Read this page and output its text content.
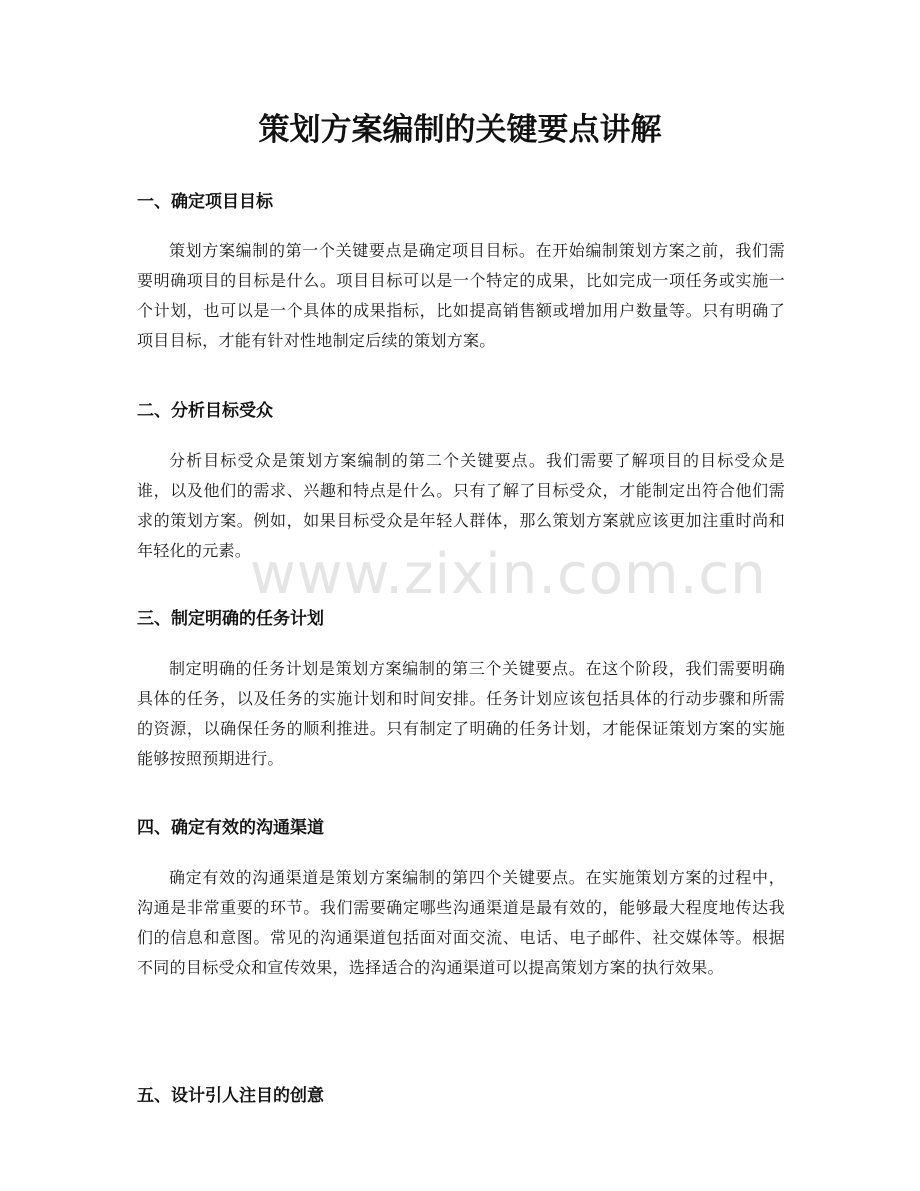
策划方案编制的关键要点讲解
一、确定项目目标

策划方案编制的第一个关键要点是确定项目目标。在开始编制策划方案之前，我们需要明确项目的目标是什么。项目目标可以是一个特定的成果，比如完成一项任务或实施一个计划，也可以是一个具体的成果指标，比如提高销售额或增加用户数量等。只有明确了项目目标，才能有针对性地制定后续的策划方案。

二、分析目标受众

分析目标受众是策划方案编制的第二个关键要点。我们需要了解项目的目标受众是谁，以及他们的需求、兴趣和特点是什么。只有了解了目标受众，才能制定出符合他们需求的策划方案。例如，如果目标受众是年轻人群体，那么策划方案就应该更加注重时尚和年轻化的元素。

三、制定明确的任务计划

制定明确的任务计划是策划方案编制的第三个关键要点。在这个阶段，我们需要明确具体的任务，以及任务的实施计划和时间安排。任务计划应该包括具体的行动步骤和所需的资源，以确保任务的顺利推进。只有制定了明确的任务计划，才能保证策划方案的实施能够按照预期进行。

四、确定有效的沟通渠道

确定有效的沟通渠道是策划方案编制的第四个关键要点。在实施策划方案的过程中，沟通是非常重要的环节。我们需要确定哪些沟通渠道是最有效的，能够最大程度地传达我们的信息和意图。常见的沟通渠道包括面对面交流、电话、电子邮件、社交媒体等。根据不同的目标受众和宣传效果，选择适合的沟通渠道可以提高策划方案的执行效果。

五、设计引人注目的创意
www.zixin.com.cn
